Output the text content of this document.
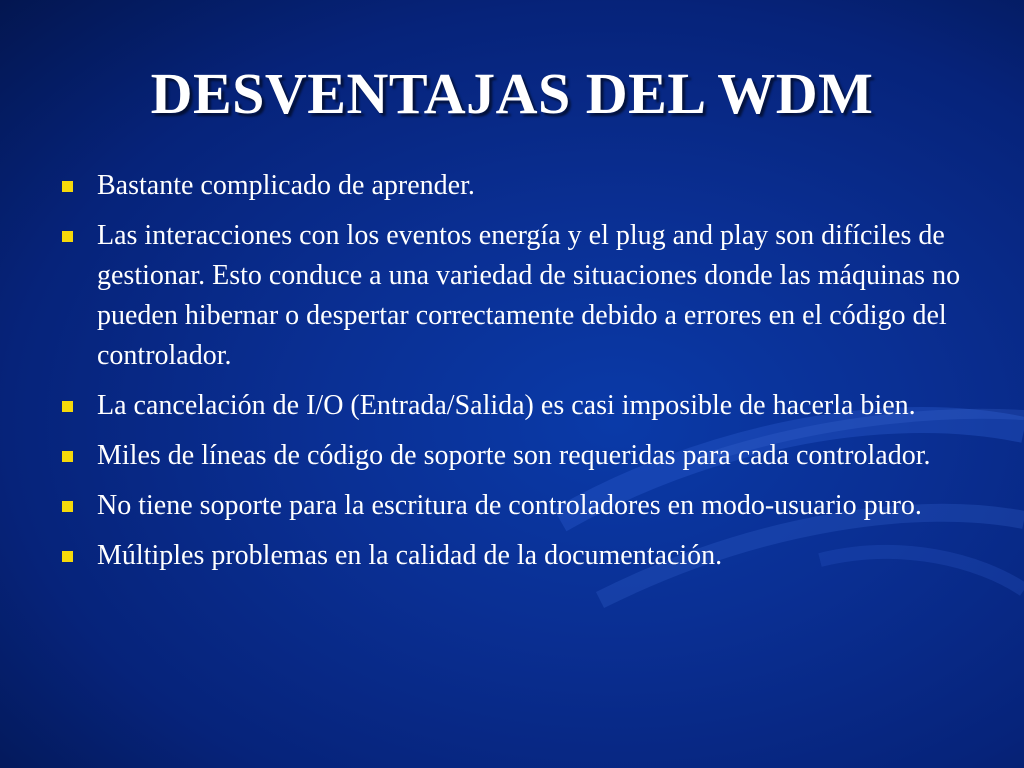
DESVENTAJAS DEL WDM
Bastante complicado de aprender.
Las interacciones con los eventos energía y el plug and play son difíciles de gestionar. Esto conduce a una variedad de situaciones donde las máquinas no pueden hibernar o despertar correctamente debido a errores en el código del controlador.
La cancelación de I/O (Entrada/Salida) es casi imposible de hacerla bien.
Miles de líneas de código de soporte son requeridas para cada controlador.
No tiene soporte para la escritura de controladores en modo-usuario puro.
Múltiples problemas en la calidad de la documentación.
